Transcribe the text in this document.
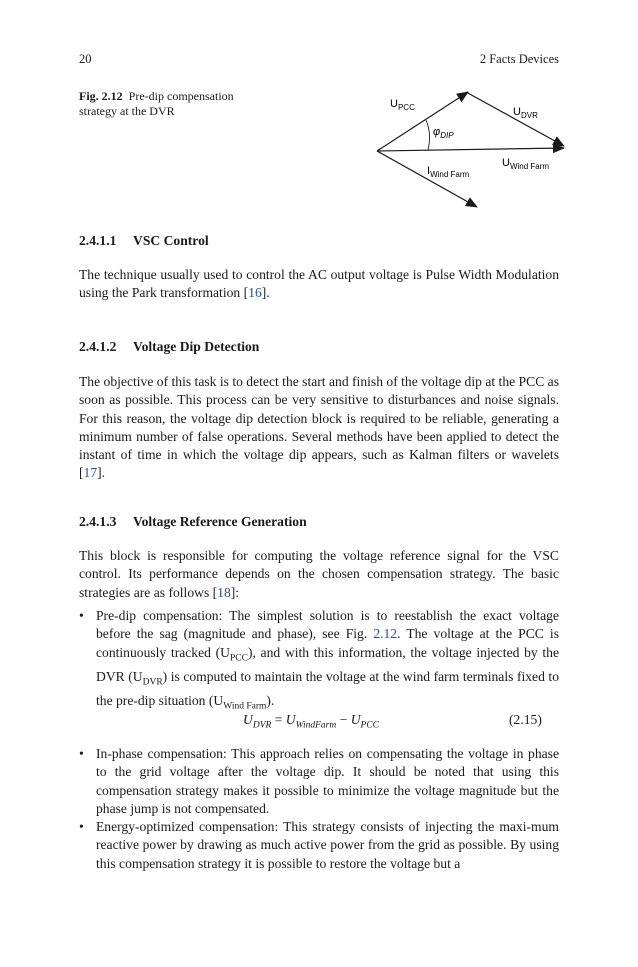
20	2 Facts Devices
Fig. 2.12 Pre-dip compensation strategy at the DVR	$U_{PCC}$	$U_{DVR}$
$\varphi_{DIP}$
$I_{Wind Farm}$
$U_{Wind Farm}$
2.4.1.1 VSC Control
The technique usually used to control the AC output voltage is Pulse Width Modulation using the Park transformation [16].
2.4.1.2 Voltage Dip Detection
The objective of this task is to detect the start and finish of the voltage dip at the PCC as soon as possible. This process can be very sensitive to disturbances and noise signals. For this reason, the voltage dip detection block is required to be reliable, generating a minimum number of false operations. Several methods have been applied to detect the instant of time in which the voltage dip appears, such as Kalman filters or wavelets [17].
2.4.1.3 Voltage Reference Generation
This block is responsible for computing the voltage reference signal for the VSC control. Its performance depends on the chosen compensation strategy. The basic strategies are as follows [18]:
• Pre-dip compensation: The simplest solution is to reestablish the exact voltage before the sag (magnitude and phase), see Fig. 2.12. The voltage at the PCC is continuously tracked $(U_{PCC})$, and with this information, the voltage injected by the DVR $(U_{DVR})$ is computed to maintain the voltage at the wind farm terminals fixed to the pre-dip situation $(U_{Wind Farm})$.
$U_{DVR} = U_{WindFarm} - U_{PCC}$	(2.15)
• In-phase compensation: This approach relies on compensating the voltage in phase to the grid voltage after the voltage dip. It should be noted that using this compensation strategy makes it possible to minimize the voltage magnitude but the phase jump is not compensated.
• Energy-optimized compensation: This strategy consists of injecting the maxi-mum reactive power by drawing as much active power from the grid as possible. By using this compensation strategy it is possible to restore the voltage but a
